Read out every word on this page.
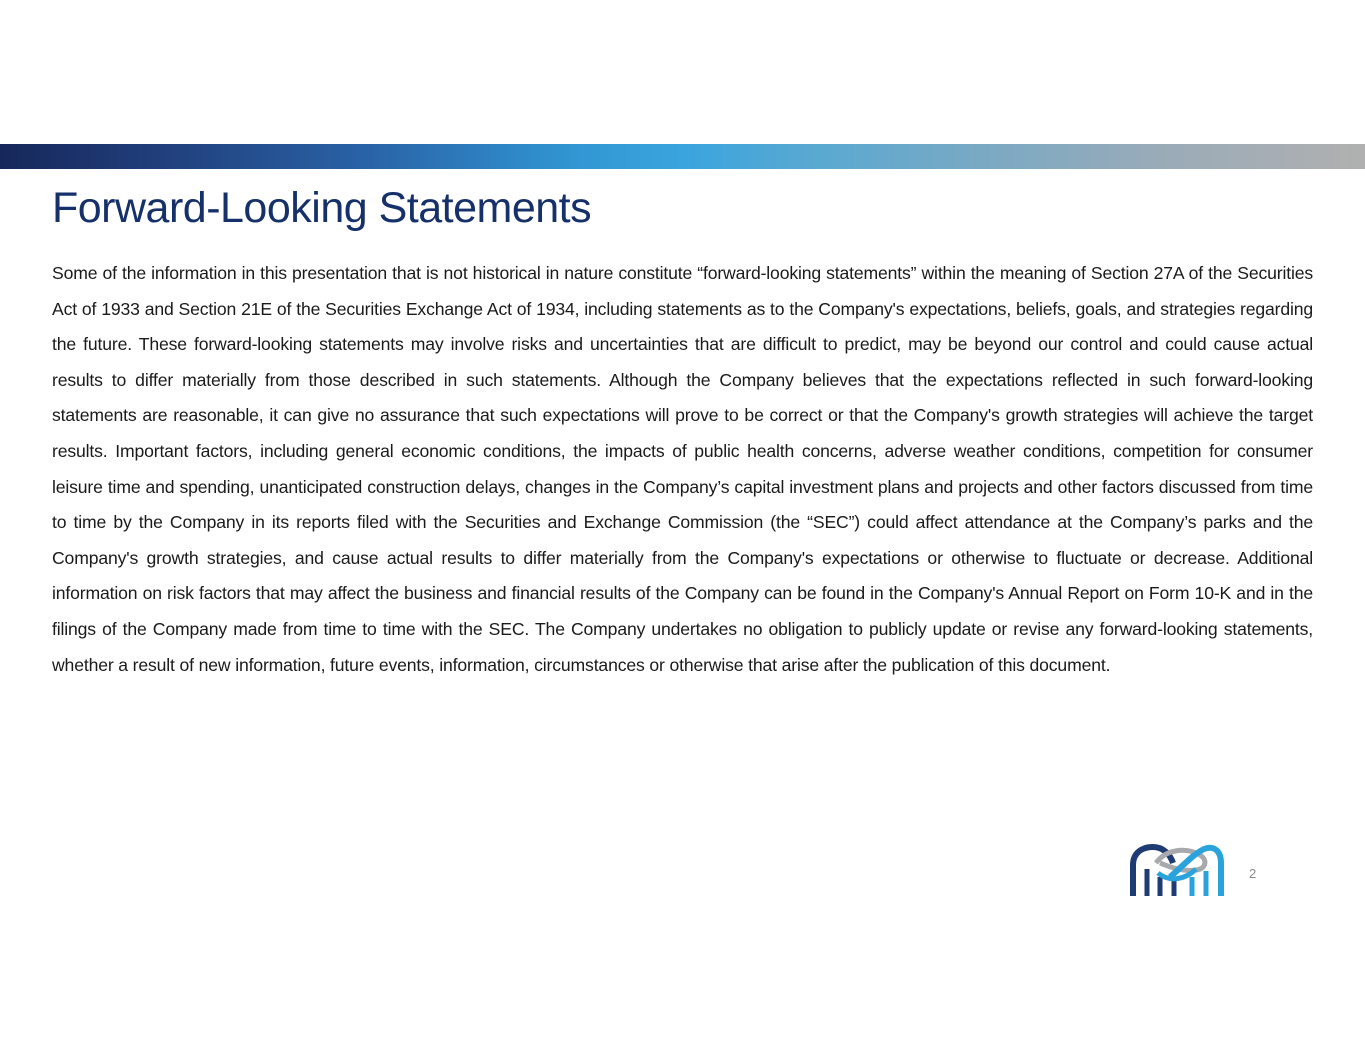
Forward-Looking Statements

Some of the information in this presentation that is not historical in nature constitute “forward-looking statements” within the meaning of Section 27A of the Securities Act of 1933 and Section 21E of the Securities Exchange Act of 1934, including statements as to the Company's expectations, beliefs, goals, and strategies regarding the future. These forward-looking statements may involve risks and uncertainties that are difficult to predict, may be beyond our control and could cause actual results to differ materially from those described in such statements. Although the Company believes that the expectations reflected in such forward-looking statements are reasonable, it can give no assurance that such expectations will prove to be correct or that the Company's growth strategies will achieve the target results. Important factors, including general economic conditions, the impacts of public health concerns, adverse weather conditions, competition for consumer leisure time and spending, unanticipated construction delays, changes in the Company’s capital investment plans and projects and other factors discussed from time to time by the Company in its reports filed with the Securities and Exchange Commission (the “SEC”) could affect attendance at the Company’s parks and the Company's growth strategies, and cause actual results to differ materially from the Company's expectations or otherwise to fluctuate or decrease. Additional information on risk factors that may affect the business and financial results of the Company can be found in the Company's Annual Report on Form 10-K and in the filings of the Company made from time to time with the SEC. The Company undertakes no obligation to publicly update or revise any forward-looking statements, whether a result of new information, future events, information, circumstances or otherwise that arise after the publication of this document.

2
